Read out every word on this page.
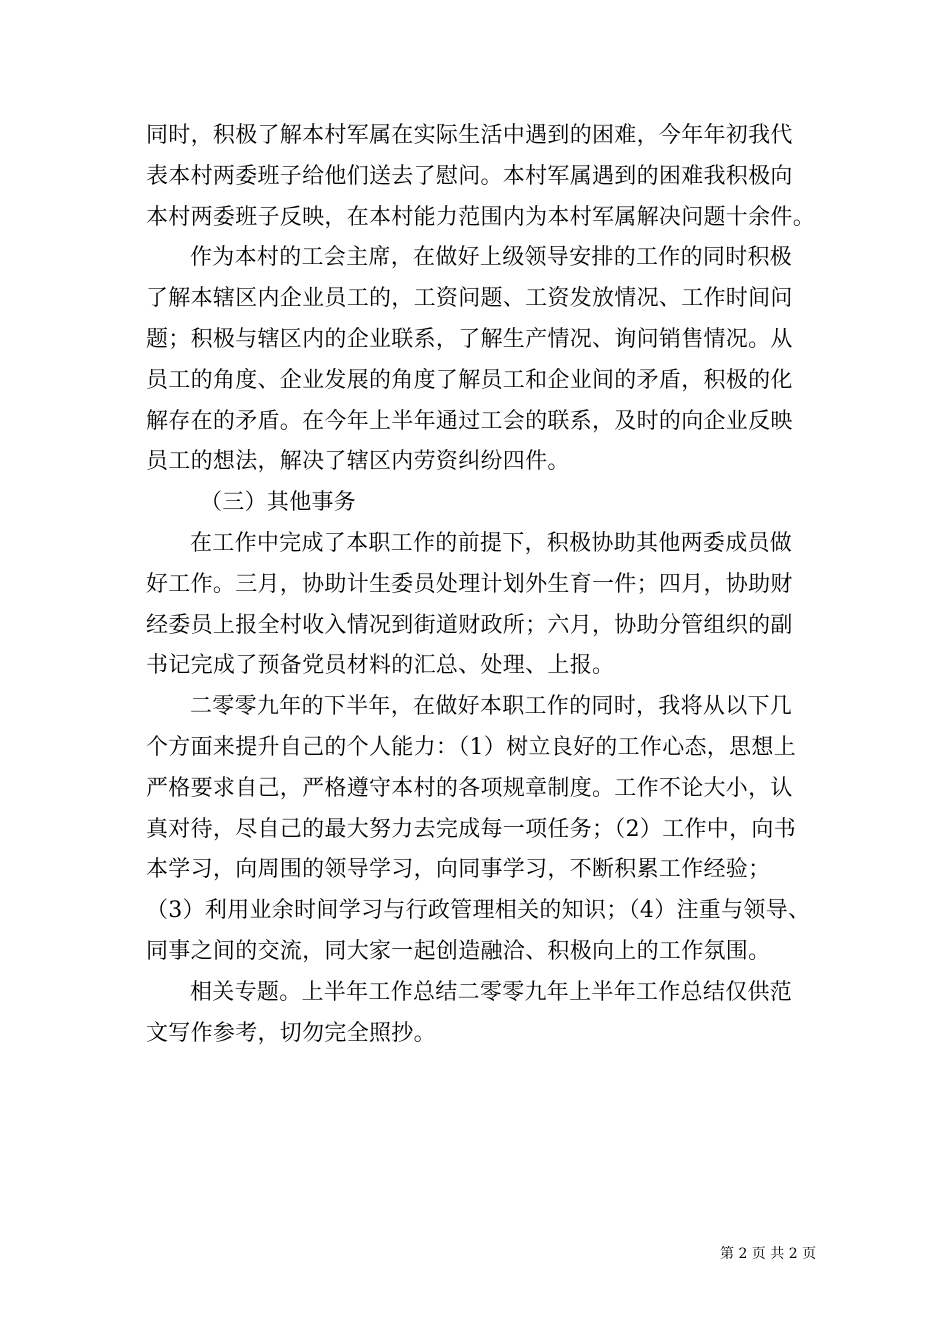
同时，积极了解本村军属在实际生活中遇到的困难，今年年初我代
表本村两委班子给他们送去了慰问。本村军属遇到的困难我积极向
本村两委班子反映，在本村能力范围内为本村军属解决问题十余件。
作为本村的工会主席，在做好上级领导安排的工作的同时积极
了解本辖区内企业员工的，工资问题、工资发放情况、工作时间问
题；积极与辖区内的企业联系，了解生产情况、询问销售情况。从
员工的角度、企业发展的角度了解员工和企业间的矛盾，积极的化
解存在的矛盾。在今年上半年通过工会的联系，及时的向企业反映
员工的想法，解决了辖区内劳资纠纷四件。
（三）其他事务
在工作中完成了本职工作的前提下，积极协助其他两委成员做
好工作。三月，协助计生委员处理计划外生育一件；四月，协助财
经委员上报全村收入情况到街道财政所；六月，协助分管组织的副
书记完成了预备党员材料的汇总、处理、上报。
二零零九年的下半年，在做好本职工作的同时，我将从以下几
个方面来提升自己的个人能力：（1）树立良好的工作心态，思想上
严格要求自己，严格遵守本村的各项规章制度。工作不论大小，认
真对待，尽自己的最大努力去完成每一项任务；（2）工作中，向书
本学习，向周围的领导学习，向同事学习，不断积累工作经验；
（3）利用业余时间学习与行政管理相关的知识；（4）注重与领导、
同事之间的交流，同大家一起创造融洽、积极向上的工作氛围。
相关专题。上半年工作总结二零零九年上半年工作总结仅供范
文写作参考，切勿完全照抄。
第 2 页 共 2 页
